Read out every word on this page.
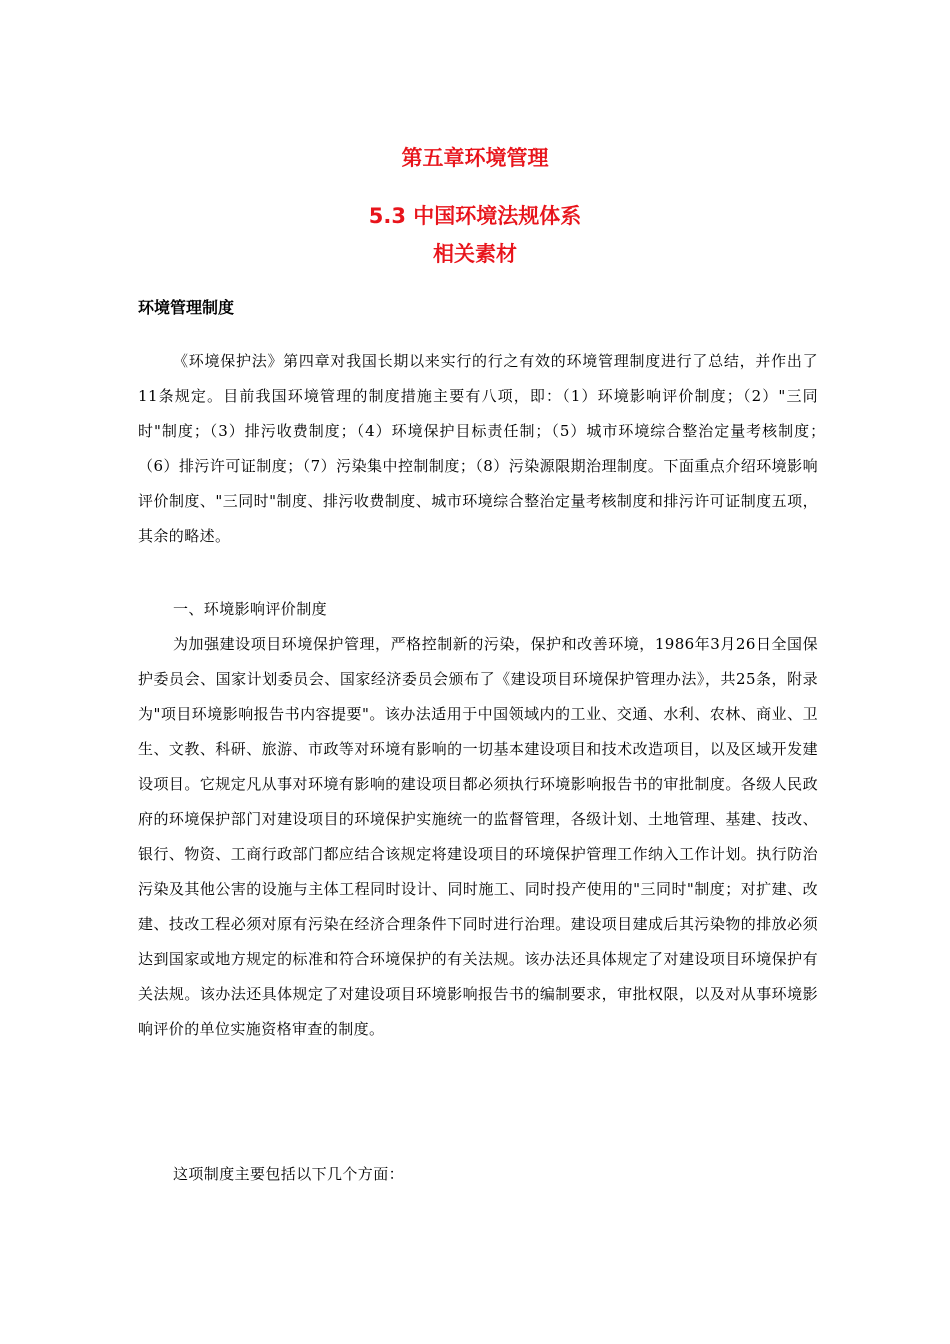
第五章环境管理
5.3 中国环境法规体系
相关素材
环境管理制度

《环境保护法》第四章对我国长期以来实行的行之有效的环境管理制度进行了总结，并作出了11条规定。目前我国环境管理的制度措施主要有八项，即：（1）环境影响评价制度；（2）"三同时"制度；（3）排污收费制度；（4）环境保护目标责任制；（5）城市环境综合整治定量考核制度；　（6）排污许可证制度；（7）污染集中控制制度；（8）污染源限期治理制度。下面重点介绍环境影响评价制度、"三同时"制度、排污收费制度、城市环境综合整治定量考核制度和排污许可证制度五项，其余的略述。

一、环境影响评价制度

为加强建设项目环境保护管理，严格控制新的污染，保护和改善环境，1986年3月26日全国保护委员会、国家计划委员会、国家经济委员会颁布了《建设项目环境保护管理办法》，共25条，附录为"项目环境影响报告书内容提要"。该办法适用于中国领域内的工业、交通、水利、农林、商业、卫生、文教、科研、旅游、市政等对环境有影响的一切基本建设项目和技术改造项目，以及区域开发建设项目。它规定凡从事对环境有影响的建设项目都必须执行环境影响报告书的审批制度。各级人民政府的环境保护部门对建设项目的环境保护实施统一的监督管理，各级计划、土地管理、基建、技改、银行、物资、工商行政部门都应结合该规定将建设项目的环境保护管理工作纳入工作计划。执行防治污染及其他公害的设施与主体工程同时设计、同时施工、同时投产使用的"三同时"制度；对扩建、改建、技改工程必须对原有污染在经济合理条件下同时进行治理。建设项目建成后其污染物的排放必须达到国家或地方规定的标准和符合环境保护的有关法规。该办法还具体规定了对建设项目环境保护有关法规。该办法还具体规定了对建设项目环境影响报告书的编制要求，审批权限，以及对从事环境影响评价的单位实施资格审查的制度。

这项制度主要包括以下几个方面：
